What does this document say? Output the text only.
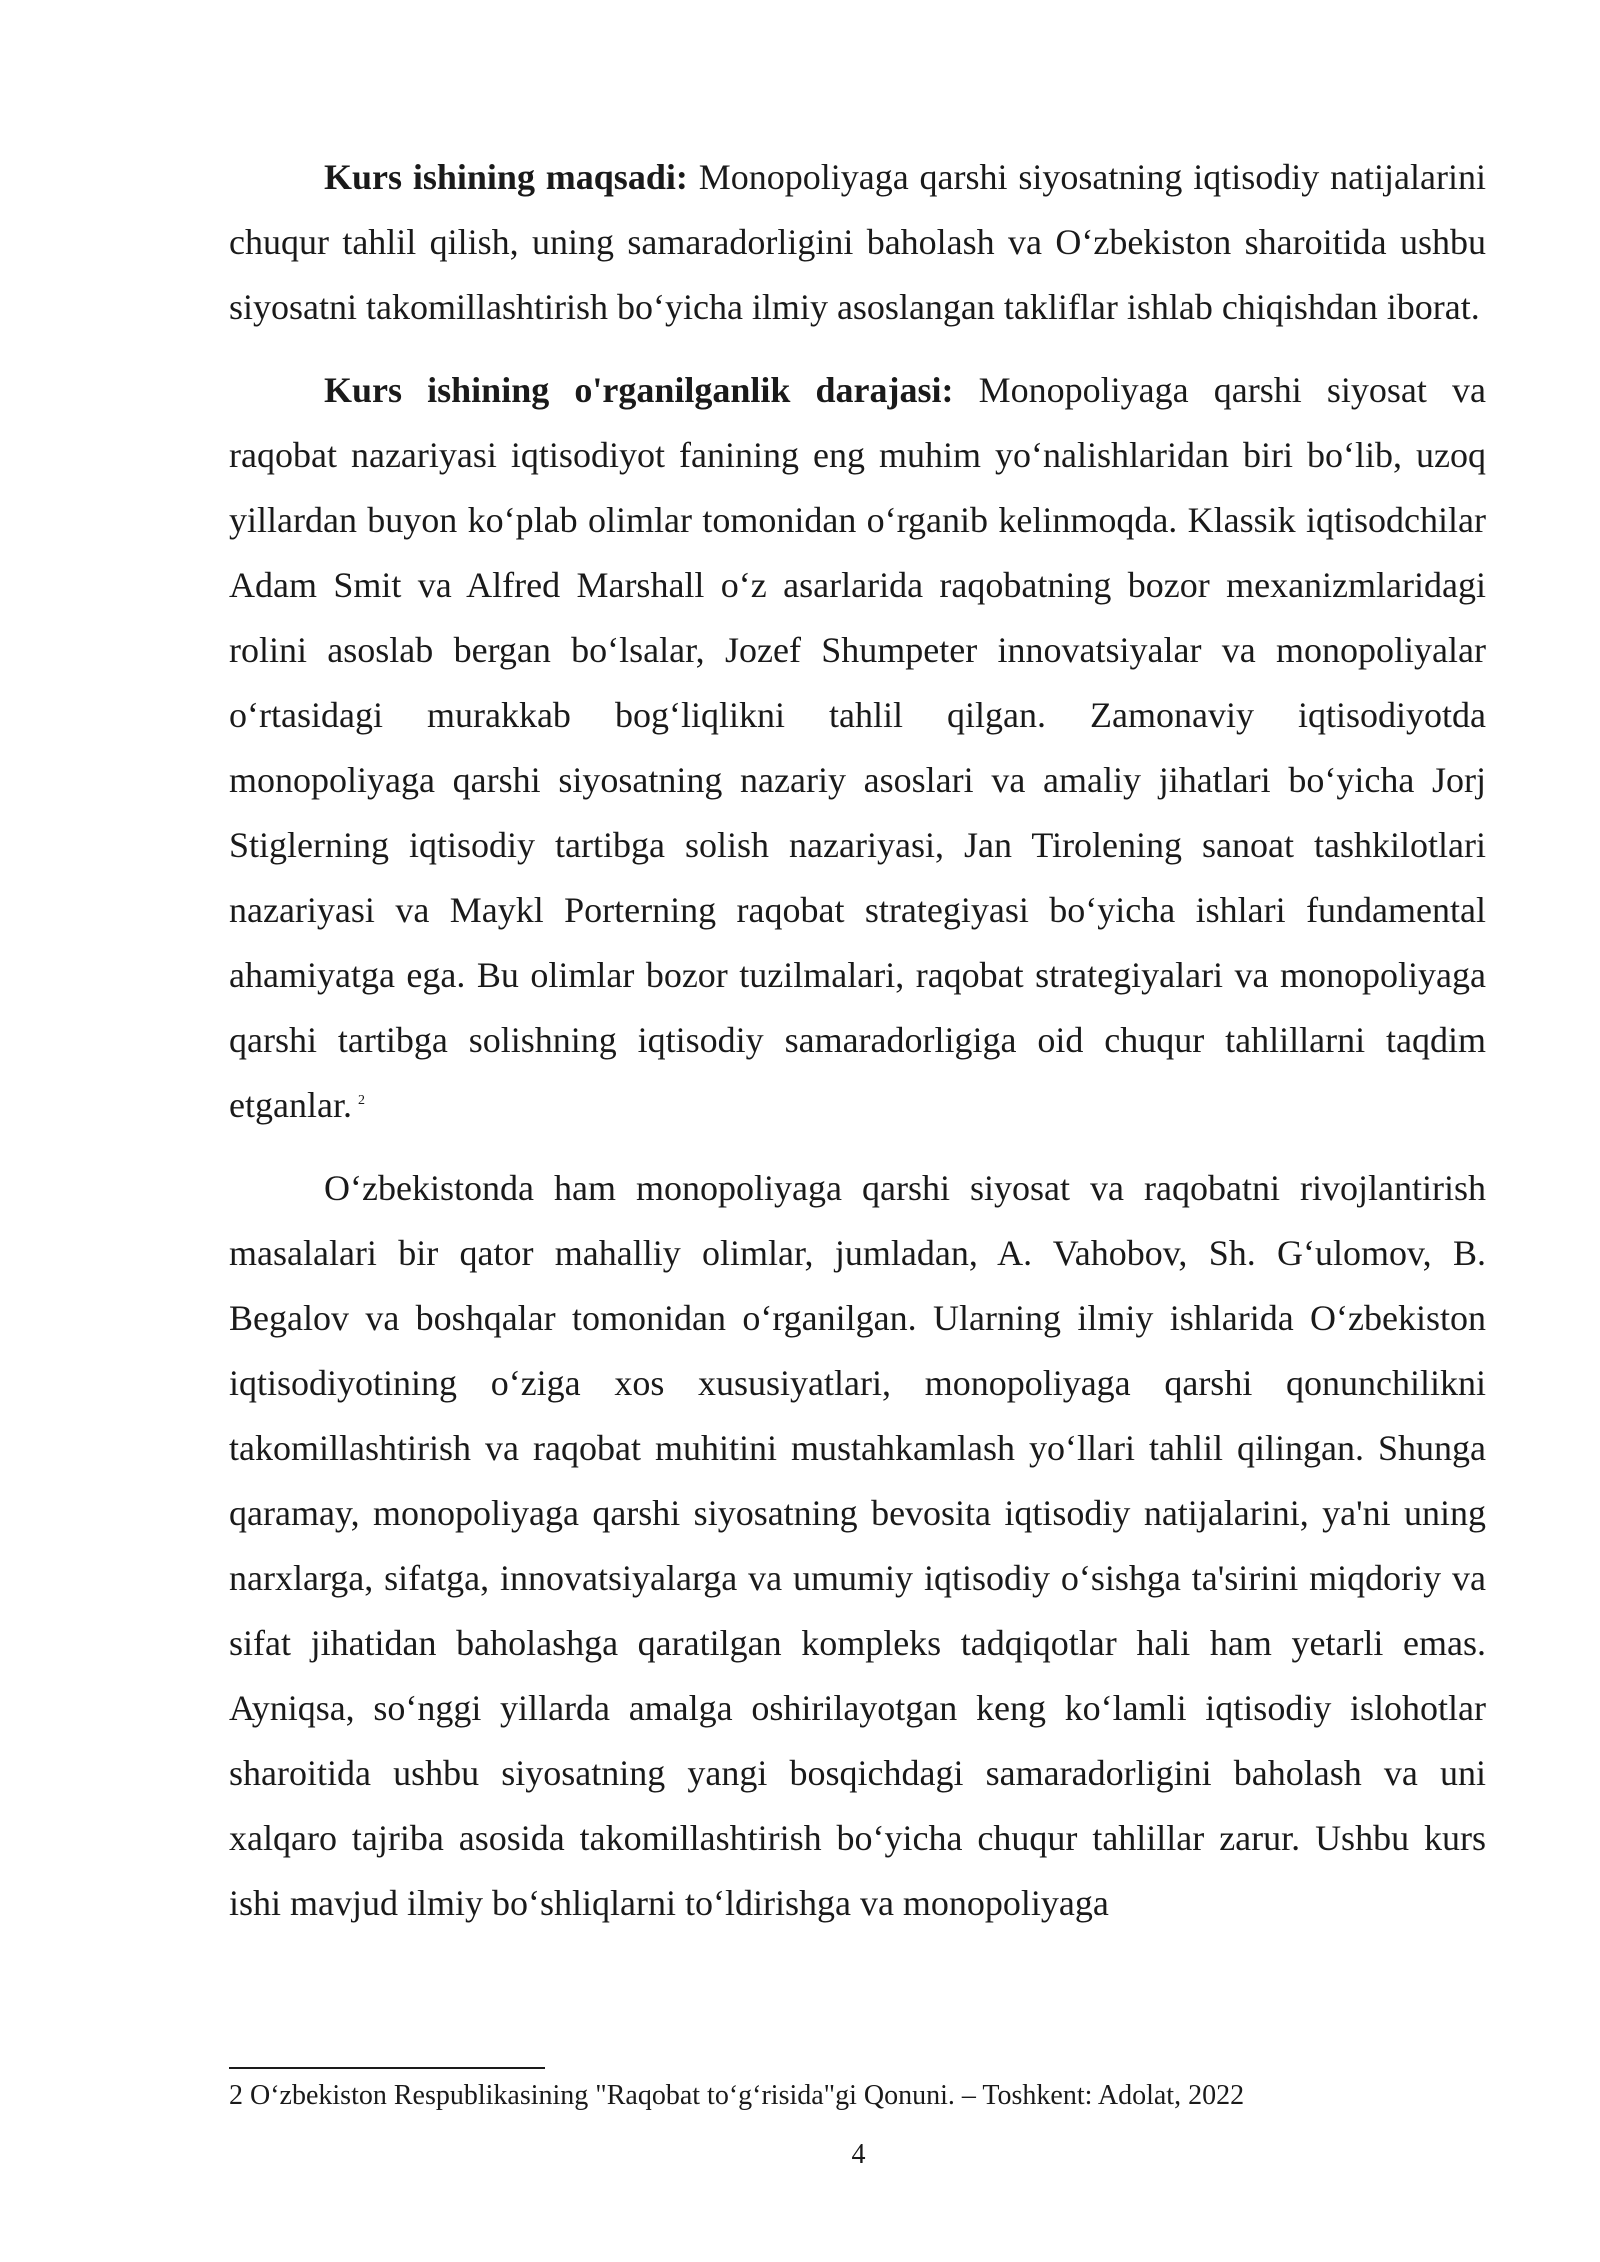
Kurs ishining maqsadi: Monopoliyaga qarshi siyosatning iqtisodiy natijalarini chuqur tahlil qilish, uning samaradorligini baholash va O‘zbekiston sharoitida ushbu siyosatni takomillashtirish bo‘yicha ilmiy asoslangan takliflar ishlab chiqishdan iborat.

Kurs ishining o'rganilganlik darajasi: Monopoliyaga qarshi siyosat va raqobat nazariyasi iqtisodiyot fanining eng muhim yo‘nalishlaridan biri bo‘lib, uzoq yillardan buyon ko‘plab olimlar tomonidan o‘rganib kelinmoqda. Klassik iqtisodchilar Adam Smit va Alfred Marshall o‘z asarlarida raqobatning bozor mexanizmlaridagi rolini asoslab bergan bo‘lsalar, Jozef Shumpeter innovatsiyalar va monopoliyalar o‘rtasidagi murakkab bog‘liqlikni tahlil qilgan. Zamonaviy iqtisodiyotda monopoliyaga qarshi siyosatning nazariy asoslari va amaliy jihatlari bo‘yicha Jorj Stiglerning iqtisodiy tartibga solish nazariyasi, Jan Tirolening sanoat tashkilotlari nazariyasi va Maykl Porterning raqobat strategiyasi bo‘yicha ishlari fundamental ahamiyatga ega. Bu olimlar bozor tuzilmalari, raqobat strategiyalari va monopoliyaga qarshi tartibga solishning iqtisodiy samaradorligiga oid chuqur tahlillarni taqdim etganlar. $^2$

O‘zbekistonda ham monopoliyaga qarshi siyosat va raqobatni rivojlantirish masalalari bir qator mahalliy olimlar, jumladan, A. Vahobov, Sh. G‘ulomov, B. Begalov va boshqalar tomonidan o‘rganilgan. Ularning ilmiy ishlarida O‘zbekiston iqtisodiyotining o‘ziga xos xususiyatlari, monopoliyaga qarshi qonunchilikni takomillashtirish va raqobat muhitini mustahkamlash yo‘llari tahlil qilingan. Shunga qaramay, monopoliyaga qarshi siyosatning bevosita iqtisodiy natijalarini, ya'ni uning narxlarga, sifatga, innovatsiyalarga va umumiy iqtisodiy o‘sishga ta'sirini miqdoriy va sifat jihatidan baholashga qaratilgan kompleks tadqiqotlar hali ham yetarli emas. Ayniqsa, so‘nggi yillarda amalga oshirilayotgan keng ko‘lamli iqtisodiy islohotlar sharoitida ushbu siyosatning yangi bosqichdagi samaradorligini baholash va uni xalqaro tajriba asosida takomillashtirish bo‘yicha chuqur tahlillar zarur. Ushbu kurs ishi mavjud ilmiy bo‘shliqlarni to‘ldirishga va monopoliyaga

2 O‘zbekiston Respublikasining "Raqobat to‘g‘risida"gi Qonuni. – Toshkent: Adolat, 2022
4
